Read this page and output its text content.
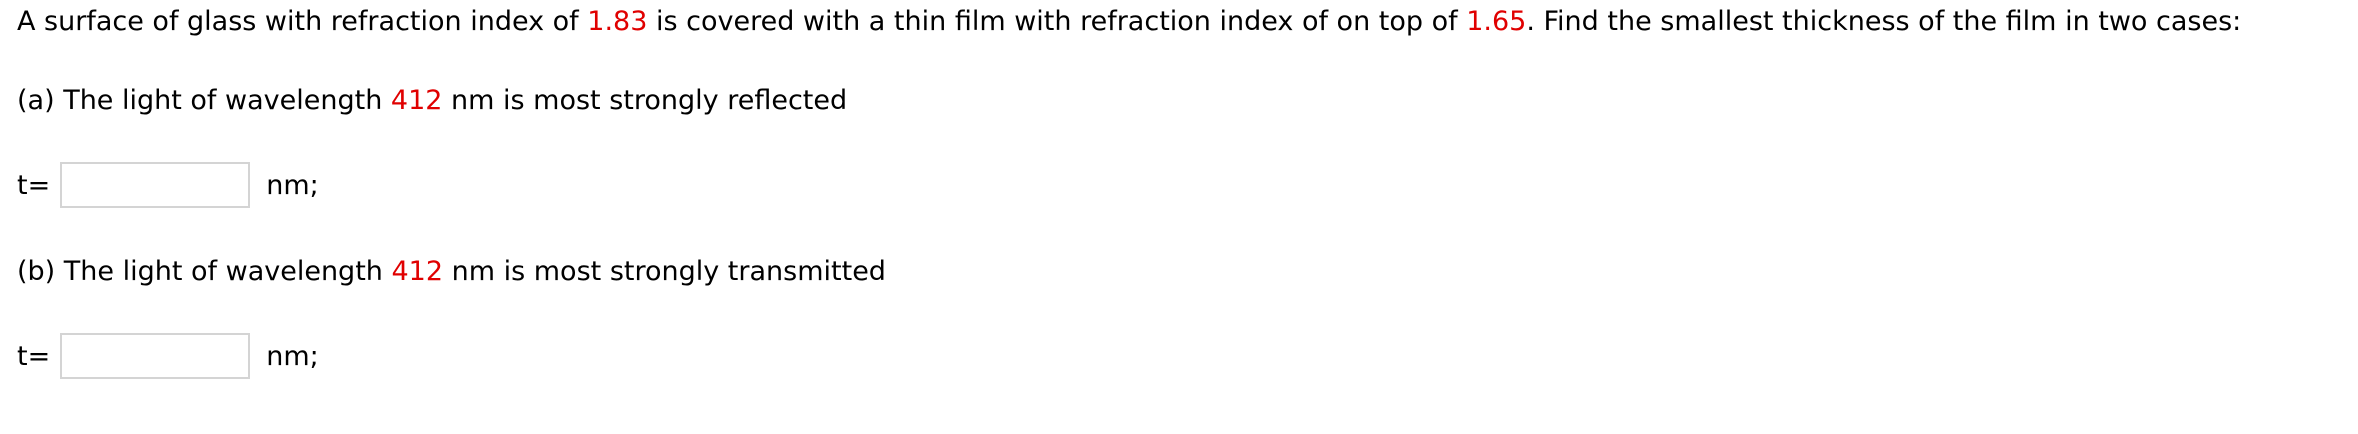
A surface of glass with refraction index of 1.83 is covered with a thin film with refraction index of on top of 1.65. Find the smallest thickness of the film in two cases:
(a) The light of wavelength 412 nm is most strongly reflected
t=	nm;
(b) The light of wavelength 412 nm is most strongly transmitted
t=	nm;
